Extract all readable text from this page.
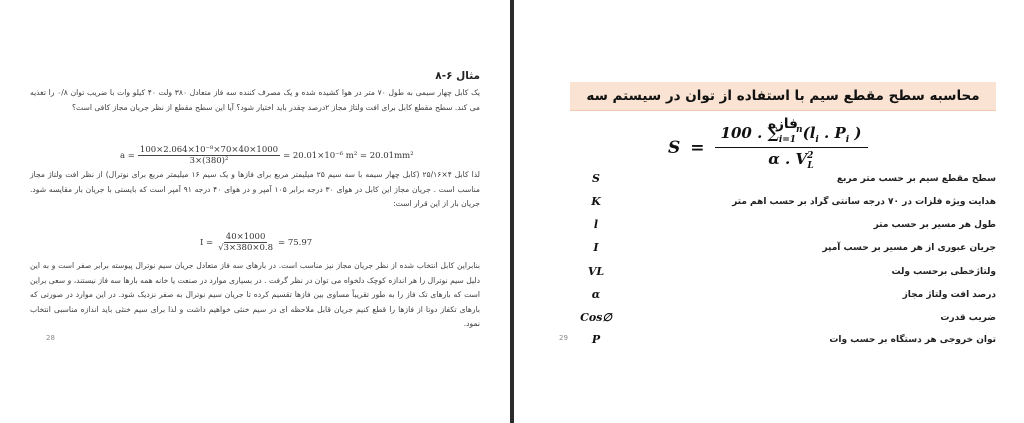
مثال ۶-۸
یک کابل چهار سیمی به طول ۷۰ متر در هوا کشیده شده و یک مصرف کننده سه فاز متعادل ۳۸۰ ولت ۴۰ کیلو وات با ضریب توان ۰/۸ را تغذیه می کند. سطح مقطع کابل برای افت ولتاژ مجاز ۲درصد چقدر باید اختیار شود؟ آیا این سطح مقطع از نظر جریان مجاز کافی است؟
$a = \frac{\text{100×2.064×10⁻⁸×70×40×1000}}{\text{3×(380)²}} = 20.01\times 10^{-6}$ m² = 20.01mm²
لذا کابل ۴×۲۵/۱۶ (کابل چهار سیمه با سه سیم ۲۵ میلیمتر مربع برای فازها و یک سیم ۱۶ میلیمتر مربع برای نوترال) از نظر افت ولتاژ مجاز مناسب است . جریان مجاز این کابل در هوای ۳۰ درجه برابر ۱۰۵ آمپر و در هوای ۴۰ درجه ۹۱ آمپر است که بایستی با جریان بار مقایسه شود. جریان بار از این قرار است:
$I = \frac{40\times 1000}{√3\times 380\times 0.8} = 75.97$
بنابراین کابل انتخاب شده از نظر جریان مجاز نیز مناسب است. در بارهای سه فاز متعادل جریان سیم نوترال پیوسته برابر صفر است و به این دلیل سیم نوترال را هر اندازه کوچک دلخواه می توان در نظر گرفت . در بسیاری موارد در صنعت یا خانه همه بارها سه فاز نیستند، و سعی براین است که بارهای تک فاز را به طور تقریباً مساوی بین فازها تقسیم کرده تا جریان سیم نوترال به صفر نزدیک شود. در این موارد در صورتی که بارهای تکفاز دوتا از فازها را قطع کنیم جریان قابل ملاحظه ای در سیم خنثی خواهیم داشت و لذا برای سیم خنثی باید اندازه مناسبی انتخاب نمود.
28
محاسبه سطح مقطع سیم با استفاده از توان در سیستم سه فازه
$S = \frac{100 . \sum_{i=1}^n(l_i . P_i )}{\alpha . V^2_L}$
S	سطح مقطع سیم بر حسب متر مربع
K	هدایت ویژه فلزات در ۷۰ درجه سانتی گراد بر حسب اهم متر
l	طول هر مسیر بر حسب متر
I	جریان عبوری از هر مسیر بر حسب آمپر
VL	ولتاژخطی برحسب ولت
α	درصد افت ولتاژ مجاز
Cos∅	ضریب قدرت
P	توان خروجی هر دستگاه بر حسب وات
29
